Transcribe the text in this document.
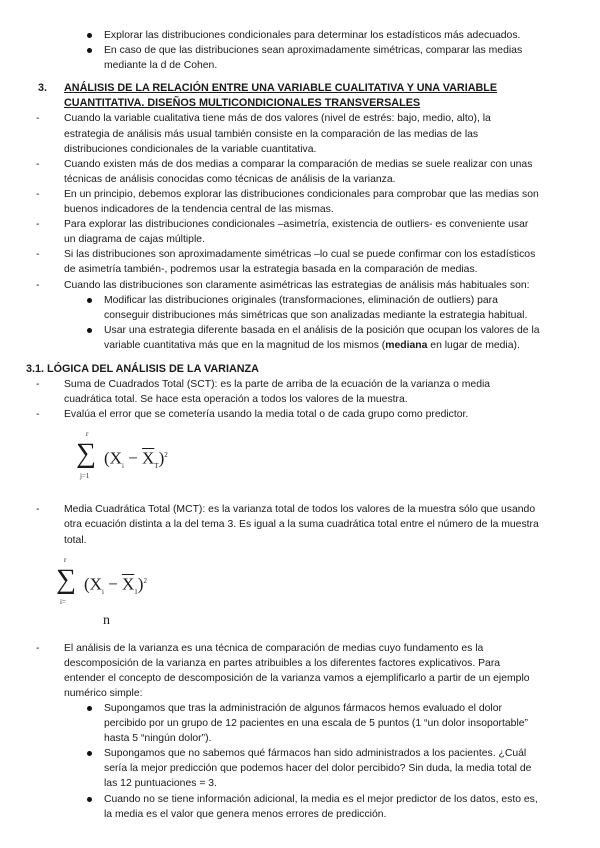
Explorar las distribuciones condicionales para determinar los estadísticos más adecuados.
En caso de que las distribuciones sean aproximadamente simétricas, comparar las medias
mediante la d de Cohen.
3. ANÁLISIS DE LA RELACIÓN ENTRE UNA VARIABLE CUALITATIVA Y UNA VARIABLE
CUANTITATIVA. DISEÑOS MULTICONDICIONALES TRANSVERSALES
- Cuando la variable cualitativa tiene más de dos valores (nivel de estrés: bajo, medio, alto), la
estrategia de análisis más usual también consiste en la comparación de las medias de las
distribuciones condicionales de la variable cuantitativa.
- Cuando existen más de dos medias a comparar la comparación de medias se suele realizar con unas
técnicas de análisis conocidas como técnicas de análisis de la varianza.
- En un principio, debemos explorar las distribuciones condicionales para comprobar que las medias son
buenos indicadores de la tendencia central de las mismas.
- Para explorar las distribuciones condicionales –asimetría, existencia de outliers- es conveniente usar
un diagrama de cajas múltiple.
- Si las distribuciones son aproximadamente simétricas –lo cual se puede confirmar con los estadísticos
de asimetría también-, podremos usar la estrategia basada en la comparación de medias.
- Cuando las distribuciones son claramente asimétricas las estrategias de análisis más habituales son:
Modificar las distribuciones originales (transformaciones, eliminación de outliers) para
conseguir distribuciones más simétricas que son analizadas mediante la estrategia habitual.
Usar una estrategia diferente basada en el análisis de la posición que ocupan los valores de la
variable cuantitativa más que en la magnitud de los mismos (mediana en lugar de media).
3.1. LÓGICA DEL ANÁLISIS DE LA VARIANZA
- Suma de Cuadrados Total (SCT): es la parte de arriba de la ecuación de la varianza o media
cuadrática total. Se hace esta operación a todos los valores de la muestra.
- Evalúa el error que se cometería usando la media total o de cada grupo como predictor.
r
∑
j=1
$(X_i - \overline{X}_T)^2$
- Media Cuadrática Total (MCT): es la varianza total de todos los valores de la muestra sólo que usando
otra ecuación distinta a la del tema 3. Es igual a la suma cuadrática total entre el número de la muestra
total.
r
∑
i=
$(X_i - \overline{X}_1)^2$
n
- El análisis de la varianza es una técnica de comparación de medias cuyo fundamento es la
descomposición de la varianza en partes atribuibles a los diferentes factores explicativos. Para
entender el concepto de descomposición de la varianza vamos a ejemplificarlo a partir de un ejemplo
numérico simple:
Supongamos que tras la administración de algunos fármacos hemos evaluado el dolor
percibido por un grupo de 12 pacientes en una escala de 5 puntos (1 “un dolor insoportable”
hasta 5 “ningún dolor”).
Supongamos que no sabemos qué fármacos han sido administrados a los pacientes. ¿Cuál
sería la mejor predicción que podemos hacer del dolor percibido? Sin duda, la media total de
las 12 puntuaciones = 3.
Cuando no se tiene información adicional, la media es el mejor predictor de los datos, esto es,
la media es el valor que genera menos errores de predicción.
